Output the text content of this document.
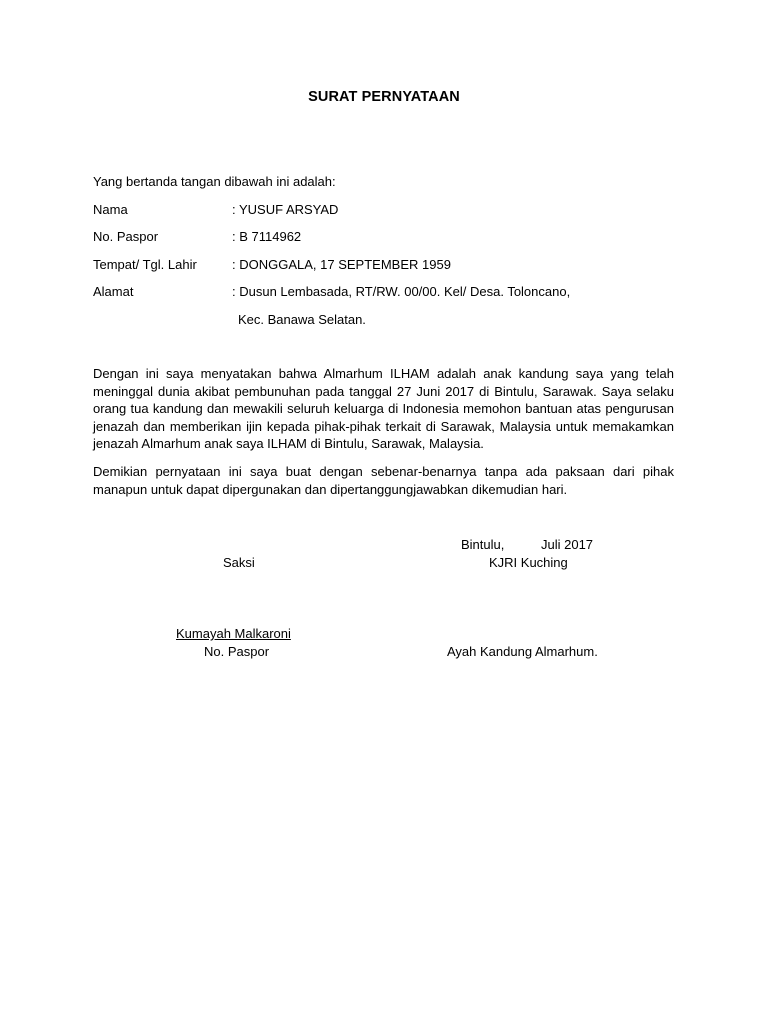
SURAT PERNYATAAN
Yang bertanda tangan dibawah ini adalah:
Nama	: YUSUF ARSYAD
No. Paspor	: B 7114962
Tempat/ Tgl. Lahir	: DONGGALA, 17 SEPTEMBER 1959
Alamat	: Dusun Lembasada, RT/RW. 00/00. Kel/ Desa. Toloncano,
Kec. Banawa Selatan.

Dengan ini saya menyatakan bahwa Almarhum ILHAM adalah anak kandung saya yang telah meninggal dunia akibat pembunuhan pada tanggal 27 Juni 2017 di Bintulu, Sarawak. Saya selaku orang tua kandung dan mewakili seluruh keluarga di Indonesia memohon bantuan atas pengurusan jenazah dan memberikan ijin kepada pihak-pihak terkait di Sarawak, Malaysia untuk memakamkan jenazah Almarhum anak saya ILHAM di Bintulu, Sarawak, Malaysia.

Demikian pernyataan ini saya buat dengan sebenar-benarnya tanpa ada paksaan dari pihak manapun untuk dapat dipergunakan dan dipertanggungjawabkan dikemudian hari.

Bintulu,	Juli 2017
Saksi	KJRI Kuching
Kumayah Malkaroni
No. Paspor	Ayah Kandung Almarhum.
